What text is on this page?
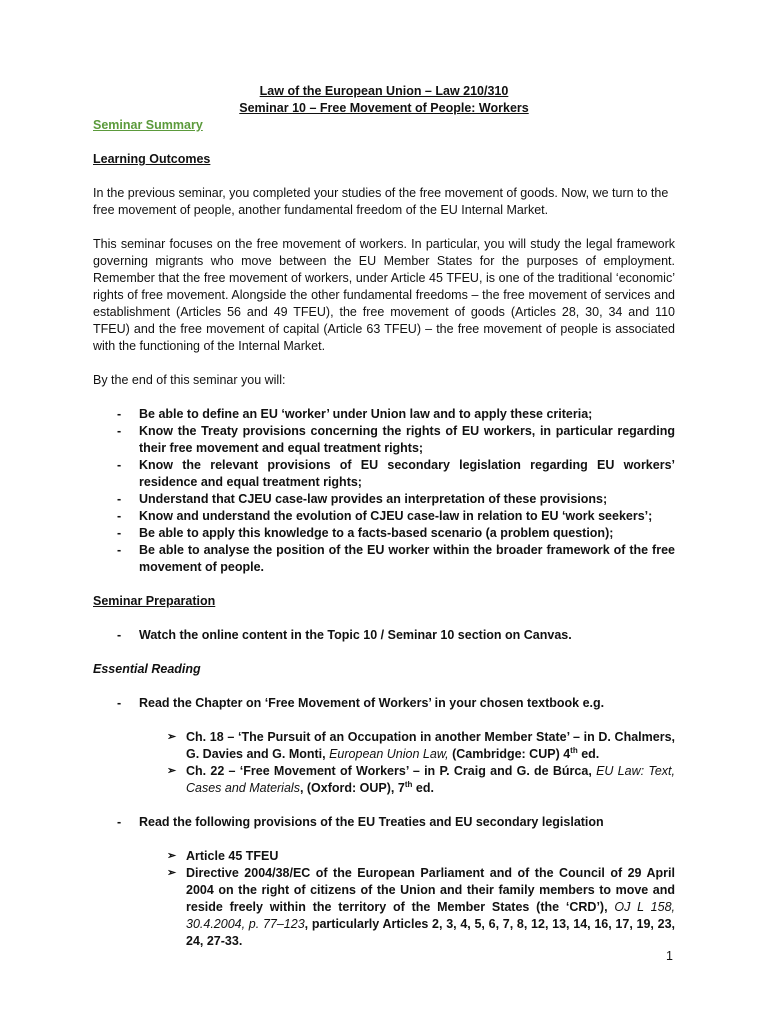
Law of the European Union – Law 210/310

Seminar 10 – Free Movement of People: Workers

Seminar Summary

Learning Outcomes

In the previous seminar, you completed your studies of the free movement of goods. Now, we turn to the free movement of people, another fundamental freedom of the EU Internal Market.

This seminar focuses on the free movement of workers. In particular, you will study the legal framework governing migrants who move between the EU Member States for the purposes of employment. Remember that the free movement of workers, under Article 45 TFEU, is one of the traditional ‘economic’ rights of free movement. Alongside the other fundamental freedoms – the free movement of services and establishment (Articles 56 and 49 TFEU), the free movement of goods (Articles 28, 30, 34 and 110 TFEU) and the free movement of capital (Article 63 TFEU) – the free movement of people is associated with the functioning of the Internal Market.

By the end of this seminar you will:

- Be able to define an EU ‘worker’ under Union law and to apply these criteria;
- Know the Treaty provisions concerning the rights of EU workers, in particular regarding their free movement and equal treatment rights;
- Know the relevant provisions of EU secondary legislation regarding EU workers’ residence and equal treatment rights;
- Understand that CJEU case-law provides an interpretation of these provisions;
- Know and understand the evolution of CJEU case-law in relation to EU ‘work seekers’;
- Be able to apply this knowledge to a facts-based scenario (a problem question);
- Be able to analyse the position of the EU worker within the broader framework of the free movement of people.

Seminar Preparation

- Watch the online content in the Topic 10 / Seminar 10 section on Canvas.

Essential Reading

- Read the Chapter on ‘Free Movement of Workers’ in your chosen textbook e.g.
➢ Ch. 18 – ‘The Pursuit of an Occupation in another Member State’ – in D. Chalmers, G. Davies and G. Monti, European Union Law, (Cambridge: CUP) 4th ed.
➢ Ch. 22 – ‘Free Movement of Workers’ – in P. Craig and G. de Búrca, EU Law: Text, Cases and Materials, (Oxford: OUP), 7th ed.
- Read the following provisions of the EU Treaties and EU secondary legislation
➢ Article 45 TFEU
➢ Directive 2004/38/EC of the European Parliament and of the Council of 29 April 2004 on the right of citizens of the Union and their family members to move and reside freely within the territory of the Member States (the ‘CRD’), OJ L 158, 30.4.2004, p. 77–123, particularly Articles 2, 3, 4, 5, 6, 7, 8, 12, 13, 14, 16, 17, 19, 23, 24, 27-33.
1
